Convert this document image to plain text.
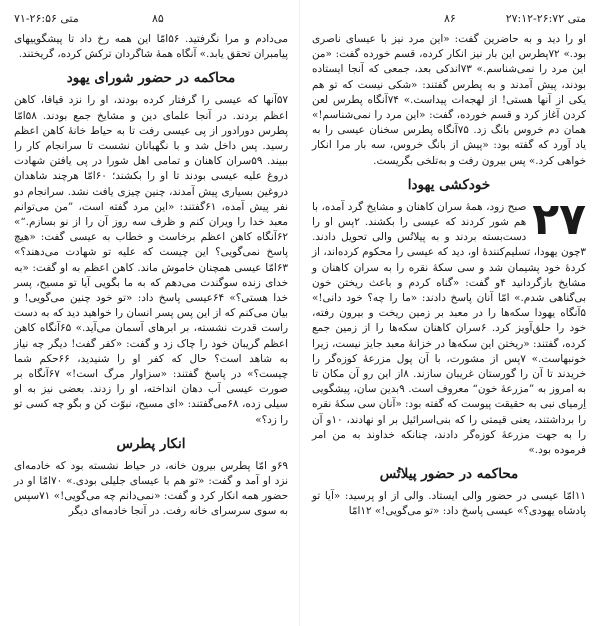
متی ۲۶:۵۶-۷۱	۸۵

می‌دادم و مرا نگرفتید. ۵۶امّا این همه رخ داد تا پیشگوییهای پیامبران تحقق یابد.» آنگاه همهٔ شاگردان ترکش کرده، گریختند.

محاکمه در حضور شورای یهود

۵۷آنها که عیسی را گرفتار کرده بودند، او را نزد قیافا، کاهن اعظم بردند. در آنجا علمای دین و مشایخ جمع بودند. ۵۸امّا پطرس دورادور از پی عیسی رفت تا به حیاط خانهٔ کاهن اعظم رسید. پس داخل شد و با نگهبانان نشست تا سرانجام کار را ببیند. ۵۹سران کاهنان و تمامی اهل شورا در پی یافتن شهادت دروغ علیه عیسی بودند تا او را بکشند؛ ۶۰امّا هرچند شاهدان دروغین بسیاری پیش آمدند، چنین چیزی یافت نشد. سرانجام دو نفر پیش آمده، ۶۱گفتند: «این مرد گفته است، ”من می‌توانم معبد خدا را ویران کنم و ظرف سه روز آن را از نو بسازم.“» ۶۲آنگاه کاهن اعظم برخاست و خطاب به عیسی گفت: «هیچ پاسخ نمی‌گویی؟ این چیست که علیه تو شهادت می‌دهند؟» ۶۳امّا عیسی همچنان خاموش ماند. کاهن اعظم به او گفت: «به خدای زنده سوگندت می‌دهم که به ما بگویی آیا تو مسیح، پسر خدا هستی؟» ۶۴عیسی پاسخ داد: «تو خود چنین می‌گویی! و بیان می‌کنم که از این پس پسر انسان را خواهید دید که به دست راست قدرت نشسته، بر ابرهای آسمان می‌آید.» ۶۵آنگاه کاهن اعظم گریبان خود را چاک زد و گفت: «کفر گفت! دیگر چه نیاز به شاهد است؟ حال که کفر او را شنیدید، ۶۶حکم شما چیست؟» در پاسخ گفتند: «سزاوار مرگ است!» ۶۷آنگاه بر صورت عیسی آب دهان انداخته، او را زدند. بعضی نیز به او سیلی زده، ۶۸می‌گفتند: «ای مسیح، نبوّت کن و بگو چه کسی تو را زد؟»

انکار پطرس

۶۹و امّا پطرس بیرون خانه، در حیاط نشسته بود که خادمه‌ای نزد او آمد و گفت: «تو هم با عیسای جلیلی بودی.» ۷۰امّا او در حضور همه انکار کرد و گفت: «نمی‌دانم چه می‌گویی!» ۷۱سپس به سوی سرسرای خانه رفت. در آنجا خادمه‌ای دیگر

متی ۲۶:۷۲-۲۷:۱۲
۸۶

او را دید و به حاضرین گفت: «این مرد نیز با عیسای ناصری بود.» ۷۲پطرس این بار نیز انکار کرده، قسم خورده گفت: «من این مرد را نمی‌شناسم.» ۷۳اندکی بعد، جمعی که آنجا ایستاده بودند، پیش آمدند و به پطرس گفتند: «شکی نیست که تو هم یکی از آنها هستی! از لهجه‌ات پیداست.» ۷۴آنگاه پطرس لعن کردن آغاز کرد و قسم خورده، گفت: «این مرد را نمی‌شناسم!» همان دم خروس بانگ زد. ۷۵آنگاه پطرس سخنان عیسی را به یاد آورد که گفته بود: «پیش از بانگ خروس، سه بار مرا انکار خواهی کرد.» پس بیرون رفت و به‌تلخی بگریست.

خودکشی یهودا
۲۷

صبح زود، همهٔ سران کاهنان و مشایخ گرد آمده، با هم شور کردند که عیسی را بکشند. ۲پس او را دست‌بسته بردند و به پیلاتُس والی تحویل دادند. ۳چون یهودا، تسلیم‌کنندهٔ او، دید که عیسی را محکوم کرده‌اند، از کردهٔ خود پشیمان شد و سی سکهٔ نقره را به سران کاهنان و مشایخ بازگردانید ۴و گفت: «گناه کردم و باعث ریختن خون بی‌گناهی شدم.» امّا آنان پاسخ دادند: «ما را چه؟ خود دانی!» ۵آنگاه یهودا سکه‌ها را در معبد بر زمین ریخت و بیرون رفته، خود را حلق‌آویز کرد. ۶سران کاهنان سکه‌ها را از زمین جمع کرده، گفتند: «ریختن این سکه‌ها در خزانهٔ معبد جایز نیست، زیرا خونبهاست.» ۷پس از مشورت، با آن پول مزرعهٔ کوزه‌گر را خریدند تا آن را گورستان غریبان سازند. ۸از این رو آن مکان تا به امروز به ”مزرعهٔ خون“ معروف است. ۹بدین سان، پیشگویی اِرمیای نبی به حقیقت پیوست که گفته بود: «آنان سی سکهٔ نقره را برداشتند، یعنی قیمتی را که بنی‌اسرائیل بر او نهادند، ۱۰و آن را به جهت مزرعهٔ کوزه‌گر دادند، چنانکه خداوند به من امر فرموده بود.»

محاکمه در حضور پیلاتُس

۱۱امّا عیسی در حضور والی ایستاد. والی از او پرسید: «آیا تو پادشاه یهودی؟» عیسی پاسخ داد: «تو می‌گویی!» ۱۲امّا
